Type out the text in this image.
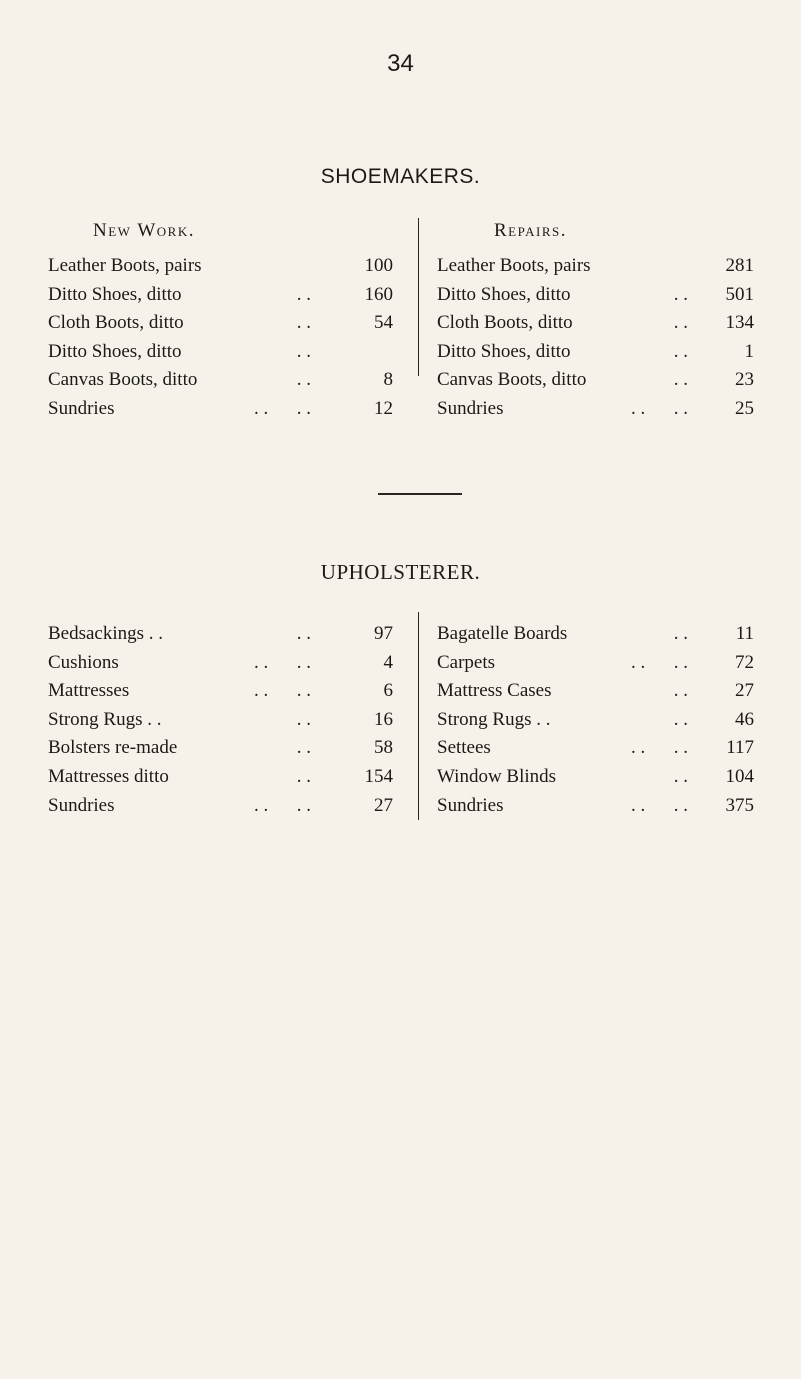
34
SHOEMAKERS.
New Work.	Repairs.
Leather Boots, pairs	100
Ditto Shoes, ditto	. .	160
Cloth Boots, ditto	. .	54
Ditto Shoes, ditto	. .
Canvas Boots, ditto	. .	8
Sundries	. .      . .	12
Leather Boots, pairs	281
Ditto Shoes, ditto	. . 501
Cloth Boots, ditto	. . 134
Ditto Shoes, ditto	. .	1
Canvas Boots, ditto	. . 23
Sundries	. .      . . 25
UPHOLSTERER.
Bedsackings . .	. .	97
Cushions	. .      . .	4
Mattresses	. .      . .	6
Strong Rugs . .	. .	16
Bolsters re-made	. .	58
Mattresses ditto	. .	154
Sundries	. .      . .	27
Bagatelle Boards	. .	11
Carpets	. .      . . 72
Mattress Cases	. . 27
Strong Rugs . .	. . 46
Settees	. .      . . 117
Window Blinds	. . 104
Sundries	. .      . . 375
